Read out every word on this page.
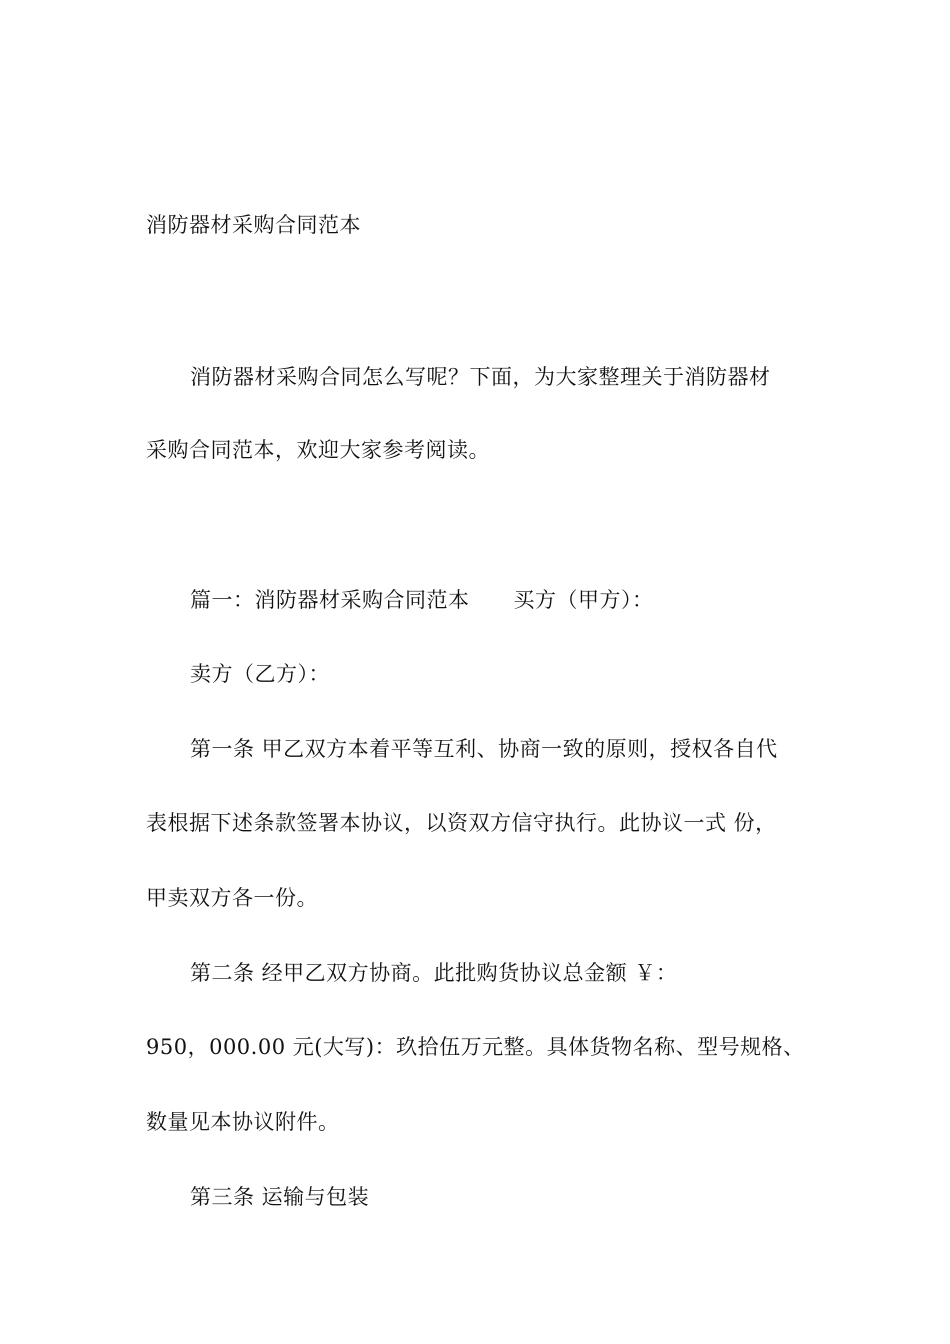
消防器材采购合同范本
消防器材采购合同怎么写呢？下面，为大家整理关于消防器材
采购合同范本，欢迎大家参考阅读。
篇一：消防器材采购合同范本 买方（甲方）：
卖方（乙方）：
第一条 甲乙双方本着平等互利、协商一致的原则，授权各自代
表根据下述条款签署本协议，以资双方信守执行。此协议一式 份，
甲卖双方各一份。
第二条 经甲乙双方协商。此批购货协议总金额 ￥：
950，000.00 元(大写)：玖拾伍万元整。具体货物名称、型号规格、
数量见本协议附件。
第三条 运输与包装
